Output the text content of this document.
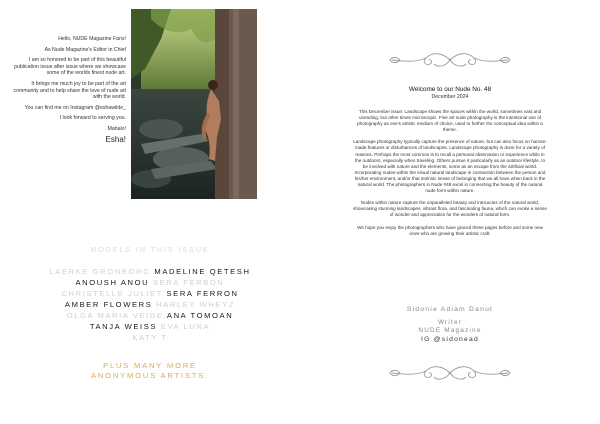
Hello, NUDE Magazine Fans!

As Nude Magazine's Editor in Chief

I am so honored to be part of this beautiful publication issue after issue where we showcase some of the worlds finest nude art.

It brings me much joy to be part of the art community and to help share the love of nude art with the world.

You can find me on Instagram @eshawilde_

I look forward to serving you.

Mahalo!

Esha!

MODELS IN THIS ISSUE
LAERKE GRONBORG MADELINE QETESH
ANOUSH ANOU SERA FERBON
CHRISTELLE JULIET SERA FERRON
AMBER FLOWERS HARLEY WHEYZ
OLGA MARIA VEIDE ANA TOMOAN
TANJA WEISS EVA LUNA
KATY T
PLUS MANY MORE
ANONYMOUS ARTISTS.
Welcome to our Nude No. 48
December 2024

This December issue: Landscape shows the spaces within the world, sometimes vast and unending, but other times microscopic. Fine art nude photography is the intentional use of photography as one's artistic medium of choice, used to further the conceptual idea within a theme.

Landscape photography typically capture the presence of nature, but can also focus on human-made features or disturbances of landscapes. Landscape photography is done for a variety of reasons. Perhaps the most common is to recall a personal observation or experience while in the outdoors, especially when traveling. Others pursue it particularly as an outdoor lifestyle, to be involved with nature and the elements, some as an escape from the artificial world. Incorporating nudes within the visual natural landscape in connection between the person and his/her environment, and/or that intrinsic sense of belonging that we all have when back in the natural world. The photographers in Nude #48 excel in connecting the beauty of the natural nude form within nature.

Nudes within nature capture the unparalleled beauty and intricacies of the natural world, showcasing stunning landscapes, vibrant flora, and fascinating fauna, which can evoke a sense of wonder and appreciation for the wonders of natural form.

We hope you enjoy the photographers who have graced these pages before and some new ones who are growing their artistic craft.

Sidonie Adiam Danut
Writer
NUDE Magazine
IG @sidonead
